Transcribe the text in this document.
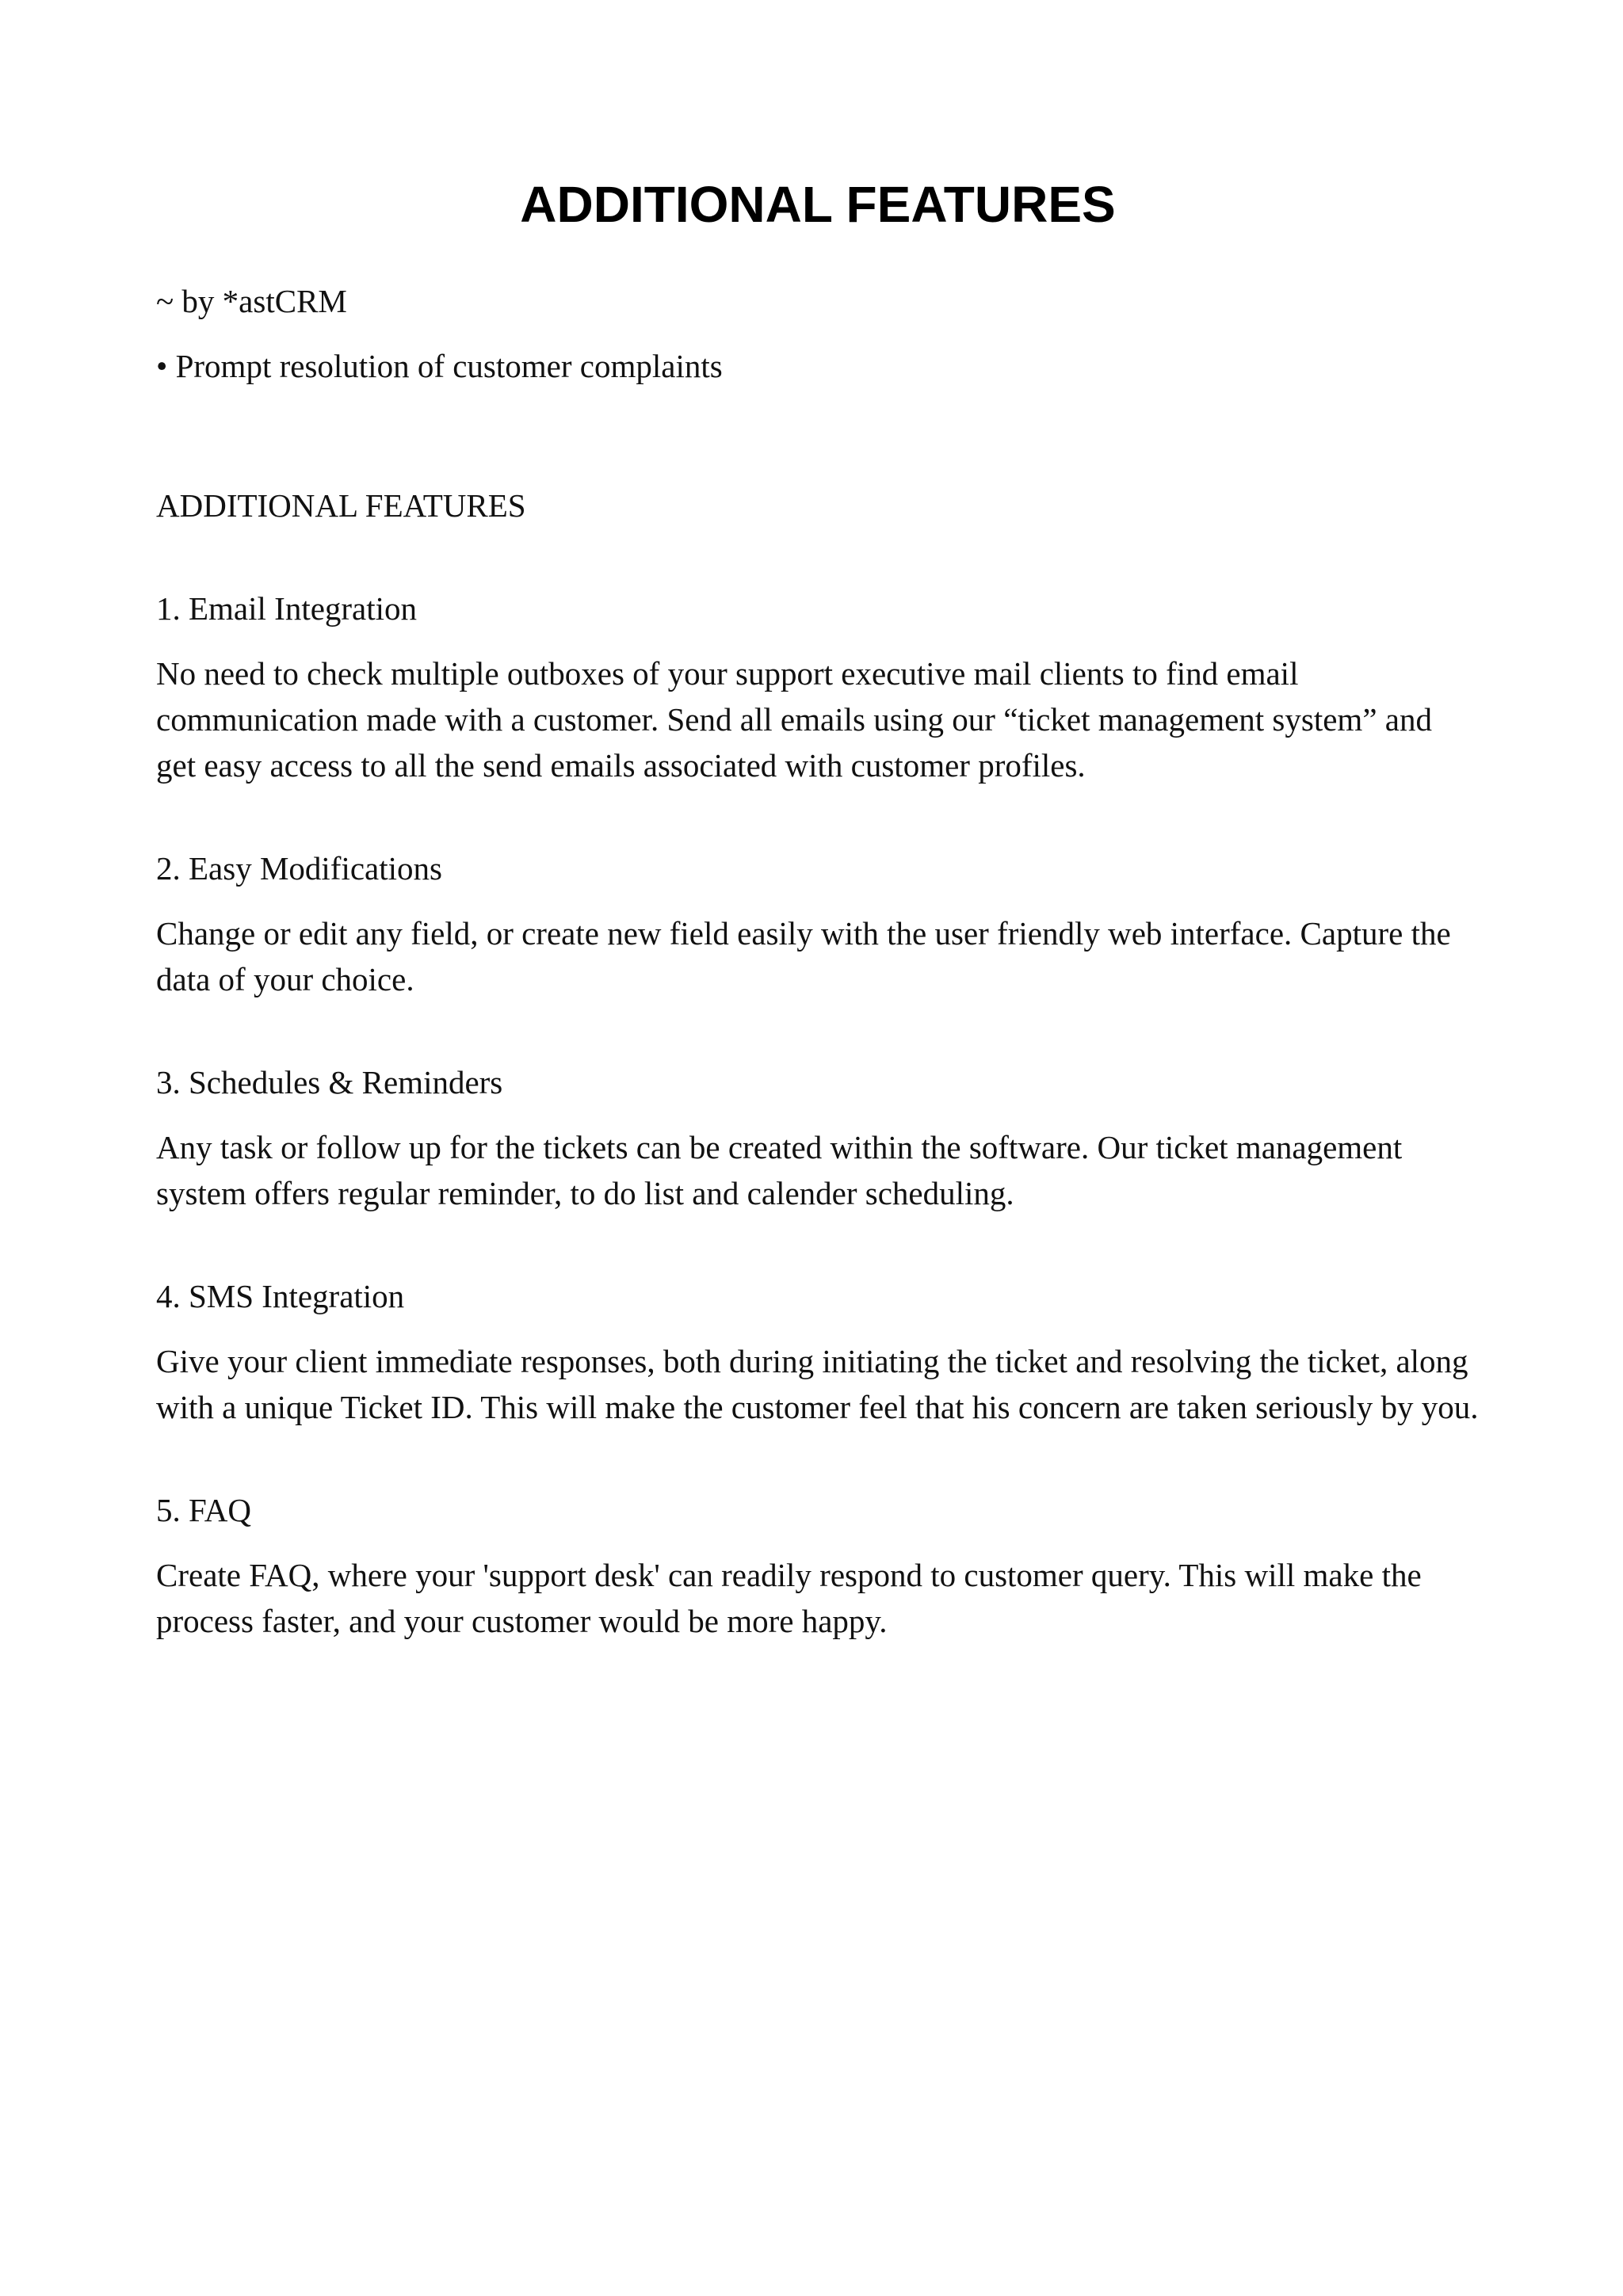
ADDITIONAL FEATURES

~ by *astCRM

• Prompt resolution of customer complaints

ADDITIONAL FEATURES

1. Email Integration

No need to check multiple outboxes of your support executive mail clients to find email communication made with a customer. Send all emails using our “ticket management system” and get easy access to all the send emails associated with customer profiles.

2. Easy Modifications

Change or edit any field, or create new field easily with the user friendly web interface. Capture the data of your choice.

3. Schedules & Reminders

Any task or follow up for the tickets can be created within the software. Our ticket management system offers regular reminder, to do list and calender scheduling.

4. SMS Integration

Give your client immediate responses, both during initiating the ticket and resolving the ticket, along with a unique Ticket ID. This will make the customer feel that his concern are taken seriously by you.

5. FAQ

Create FAQ, where your 'support desk' can readily respond to customer query. This will make the process faster, and your customer would be more happy.
